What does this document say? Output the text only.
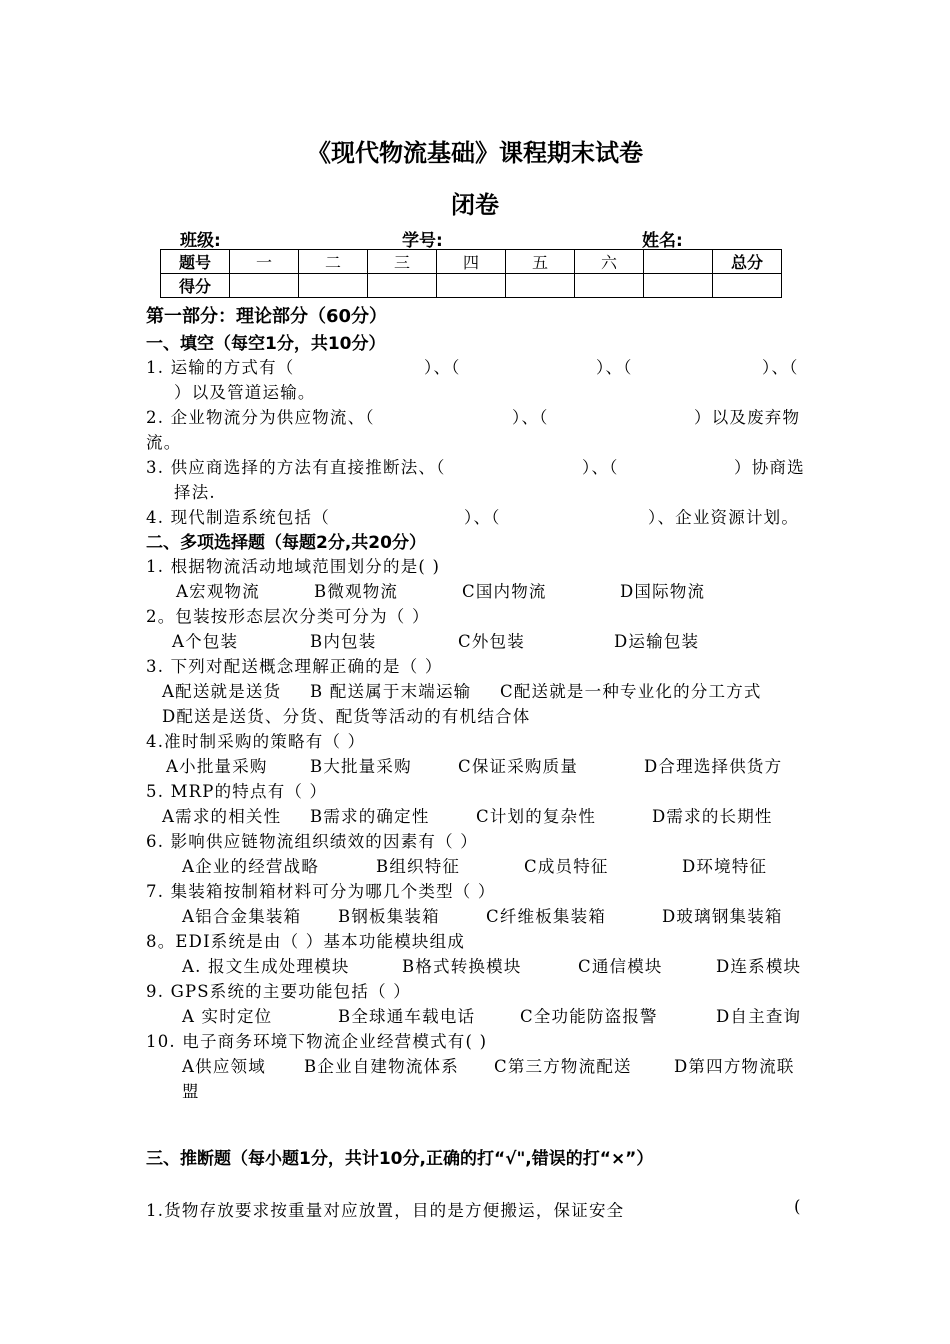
《现代物流基础》课程期末试卷
闭卷
班级:	学号:	姓名:
题号	一	二	三	四	五	六		总分
得分								
第一部分：理论部分（60分）
一、填空（每空1分，共10分）
1. 运输的方式有（	）、（	）、（	）、（
）以及管道运输。
2. 企业物流分为供应物流、（	）、（	）以及废弃物
流。
3. 供应商选择的方法有直接推断法、（	）、（	）协商选
择法.
4. 现代制造系统包括（	）、（	）、企业资源计划。
二、多项选择题（每题2分,共20分）
1. 根据物流活动地域范围划分的是( )
A宏观物流	B微观物流	C国内物流	D国际物流
2。包装按形态层次分类可分为（ ）
A个包装	B内包装	C外包装	D运输包装
3. 下列对配送概念理解正确的是（ ）
A配送就是送货 B 配送属于末端运输 C配送就是一种专业化的分工方式
D配送是送货、分货、配货等活动的有机结合体
4.准时制采购的策略有（ ）
A小批量采购	B大批量采购	C保证采购质量	D合理选择供货方
5. MRP的特点有（ ）
A需求的相关性 B需求的确定性	C计划的复杂性	D需求的长期性
6. 影响供应链物流组织绩效的因素有（ ）
A企业的经营战略	B组织特征	C成员特征	D环境特征
7. 集装箱按制箱材料可分为哪几个类型（ ）
A铝合金集装箱 B钢板集装箱	C纤维板集装箱	D玻璃钢集装箱
8。EDI系统是由（ ）基本功能模块组成
A. 报文生成处理模块	B格式转换模块	C通信模块	D连系模块
9. GPS系统的主要功能包括（ ）
A 实时定位	B全球通车载电话	C全功能防盗报警	D自主查询
10. 电子商务环境下物流企业经营模式有( )
A供应领域 B企业自建物流体系 C第三方物流配送	D第四方物流联
盟
三、推断题（每小题1分，共计10分,正确的打“√",错误的打“×”）
1.货物存放要求按重量对应放置，目的是方便搬运，保证安全	(
